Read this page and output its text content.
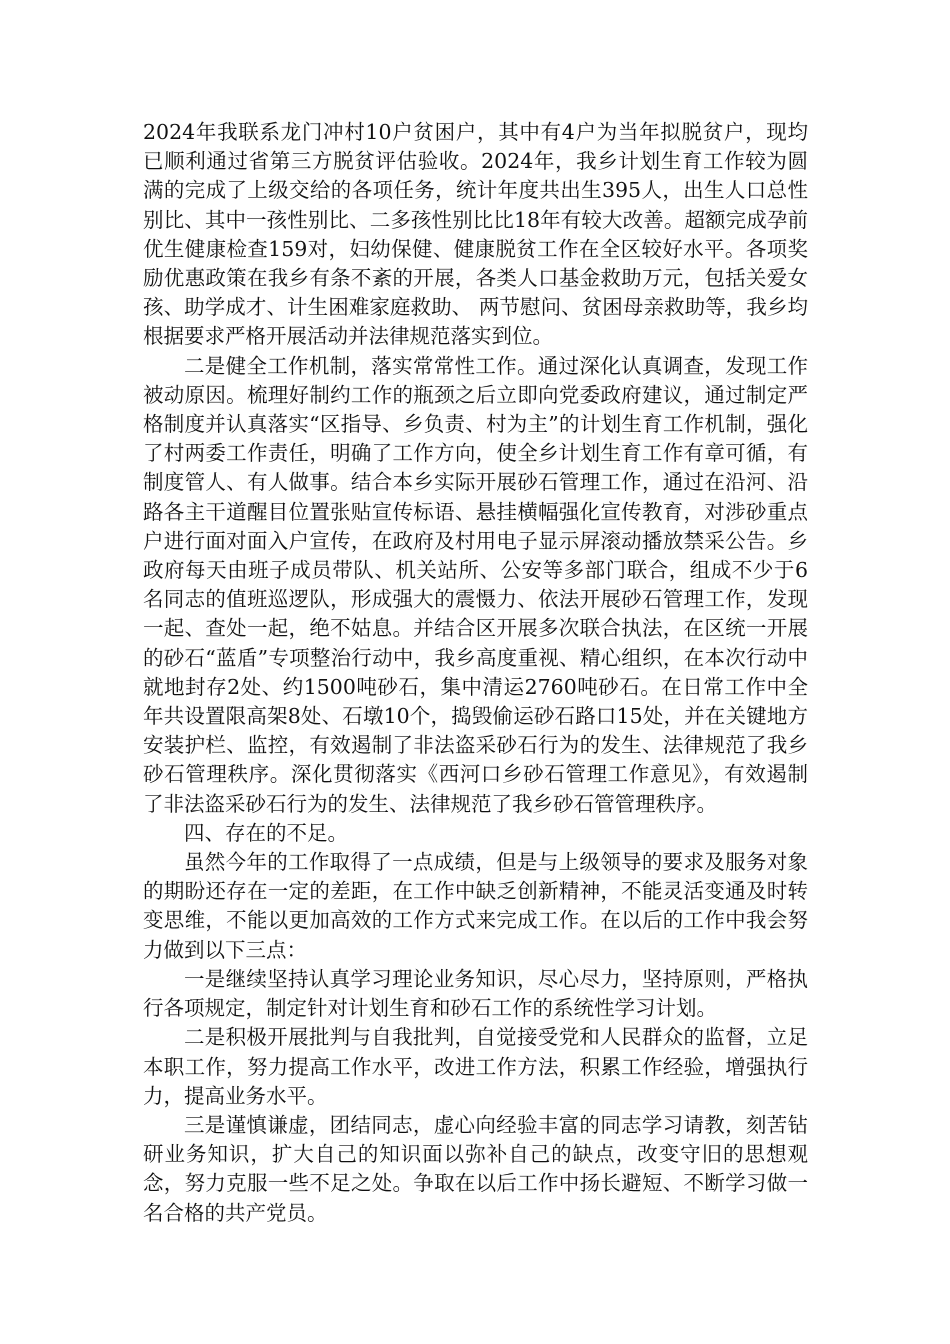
2024年我联系龙门冲村10户贫困户，其中有4户为当年拟脱贫户，现均已顺利通过省第三方脱贫评估验收。2024年，我乡计划生育工作较为圆满的完成了上级交给的各项任务，统计年度共出生395人，出生人口总性别比、其中一孩性别比、二多孩性别比比18年有较大改善。超额完成孕前优生健康检查159对，妇幼保健、健康脱贫工作在全区较好水平。各项奖励优惠政策在我乡有条不紊的开展，各类人口基金救助万元，包括关爱女孩、助学成才、计生困难家庭救助、 两节慰问、贫困母亲救助等，我乡均根据要求严格开展活动并法律规范落实到位。

二是健全工作机制，落实常常性工作。通过深化认真调查，发现工作被动原因。梳理好制约工作的瓶颈之后立即向党委政府建议，通过制定严格制度并认真落实“区指导、乡负责、村为主”的计划生育工作机制，强化了村两委工作责任，明确了工作方向，使全乡计划生育工作有章可循，有制度管人、有人做事。结合本乡实际开展砂石管理工作，通过在沿河、沿路各主干道醒目位置张贴宣传标语、悬挂横幅强化宣传教育，对涉砂重点户进行面对面入户宣传，在政府及村用电子显示屏滚动播放禁采公告。乡政府每天由班子成员带队、机关站所、公安等多部门联合，组成不少于6名同志的值班巡逻队，形成强大的震慑力、依法开展砂石管理工作，发现一起、查处一起，绝不姑息。并结合区开展多次联合执法，在区统一开展的砂石“蓝盾”专项整治行动中，我乡高度重视、精心组织，在本次行动中就地封存2处、约1500吨砂石，集中清运2760吨砂石。在日常工作中全年共设置限高架8处、石墩10个，捣毁偷运砂石路口15处，并在关键地方安装护栏、监控，有效遏制了非法盗采砂石行为的发生、法律规范了我乡砂石管理秩序。深化贯彻落实《西河口乡砂石管理工作意见》，有效遏制了非法盗采砂石行为的发生、法律规范了我乡砂石管管理秩序。

四、存在的不足。

虽然今年的工作取得了一点成绩，但是与上级领导的要求及服务对象的期盼还存在一定的差距，在工作中缺乏创新精神，不能灵活变通及时转变思维，不能以更加高效的工作方式来完成工作。在以后的工作中我会努力做到以下三点：

一是继续坚持认真学习理论业务知识，尽心尽力，坚持原则，严格执行各项规定，制定针对计划生育和砂石工作的系统性学习计划。

二是积极开展批判与自我批判，自觉接受党和人民群众的监督，立足本职工作，努力提高工作水平，改进工作方法，积累工作经验，增强执行力，提高业务水平。

三是谨慎谦虚，团结同志，虚心向经验丰富的同志学习请教，刻苦钻研业务知识，扩大自己的知识面以弥补自己的缺点，改变守旧的思想观念，努力克服一些不足之处。争取在以后工作中扬长避短、不断学习做一名合格的共产党员。
